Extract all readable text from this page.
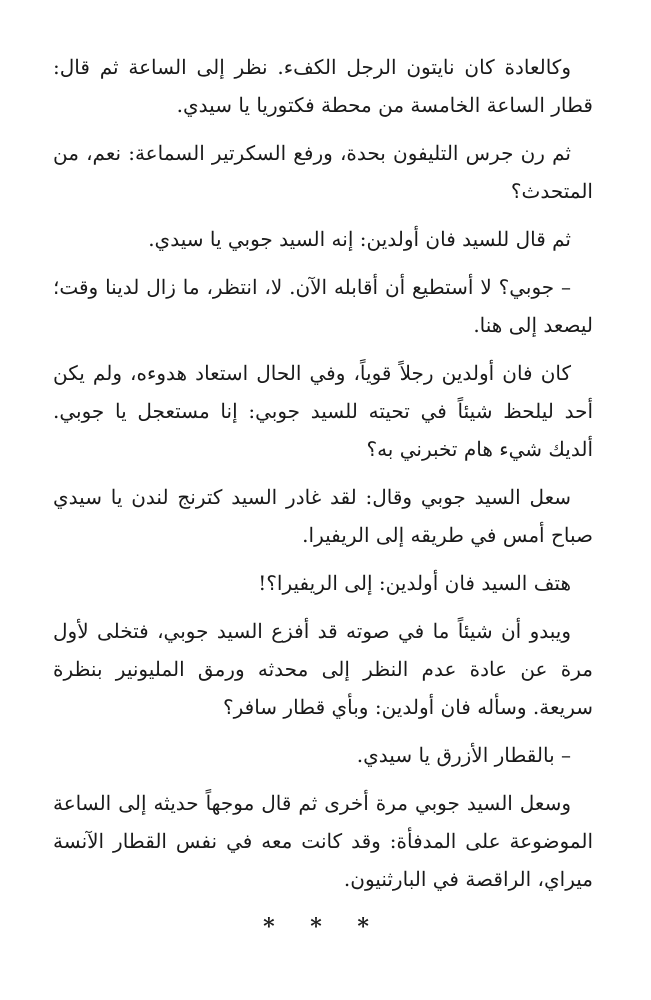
وكالعادة كان نايتون الرجل الكفء. نظر إلى الساعة ثم قال: قطار الساعة الخامسة من محطة فكتوريا يا سيدي.

ثم رن جرس التليفون بحدة، ورفع السكرتير السماعة: نعم، من المتحدث؟

ثم قال للسيد فان أولدين: إنه السيد جوبي يا سيدي.

– جوبي؟ لا أستطيع أن أقابله الآن. لا، انتظر، ما زال لدينا وقت؛ ليصعد إلى هنا.

كان فان أولدين رجلاً قوياً، وفي الحال استعاد هدوءه، ولم يكن أحد ليلحظ شيئاً في تحيته للسيد جوبي: إنا مستعجل يا جوبي. ألديك شيء هام تخبرني به؟

سعل السيد جوبي وقال: لقد غادر السيد كترنج لندن يا سيدي صباح أمس في طريقه إلى الريفيرا.

هتف السيد فان أولدين: إلى الريفيرا؟!

ويبدو أن شيئاً ما في صوته قد أفزع السيد جوبي، فتخلى لأول مرة عن عادة عدم النظر إلى محدثه ورمق المليونير بنظرة سريعة. وسأله فان أولدين: وبأي قطار سافر؟

– بالقطار الأزرق يا سيدي.

وسعل السيد جوبي مرة أخرى ثم قال موجهاً حديثه إلى الساعة الموضوعة على المدفأة: وقد كانت معه في نفس القطار الآنسة ميراي، الراقصة في البارثنيون.

* * *
